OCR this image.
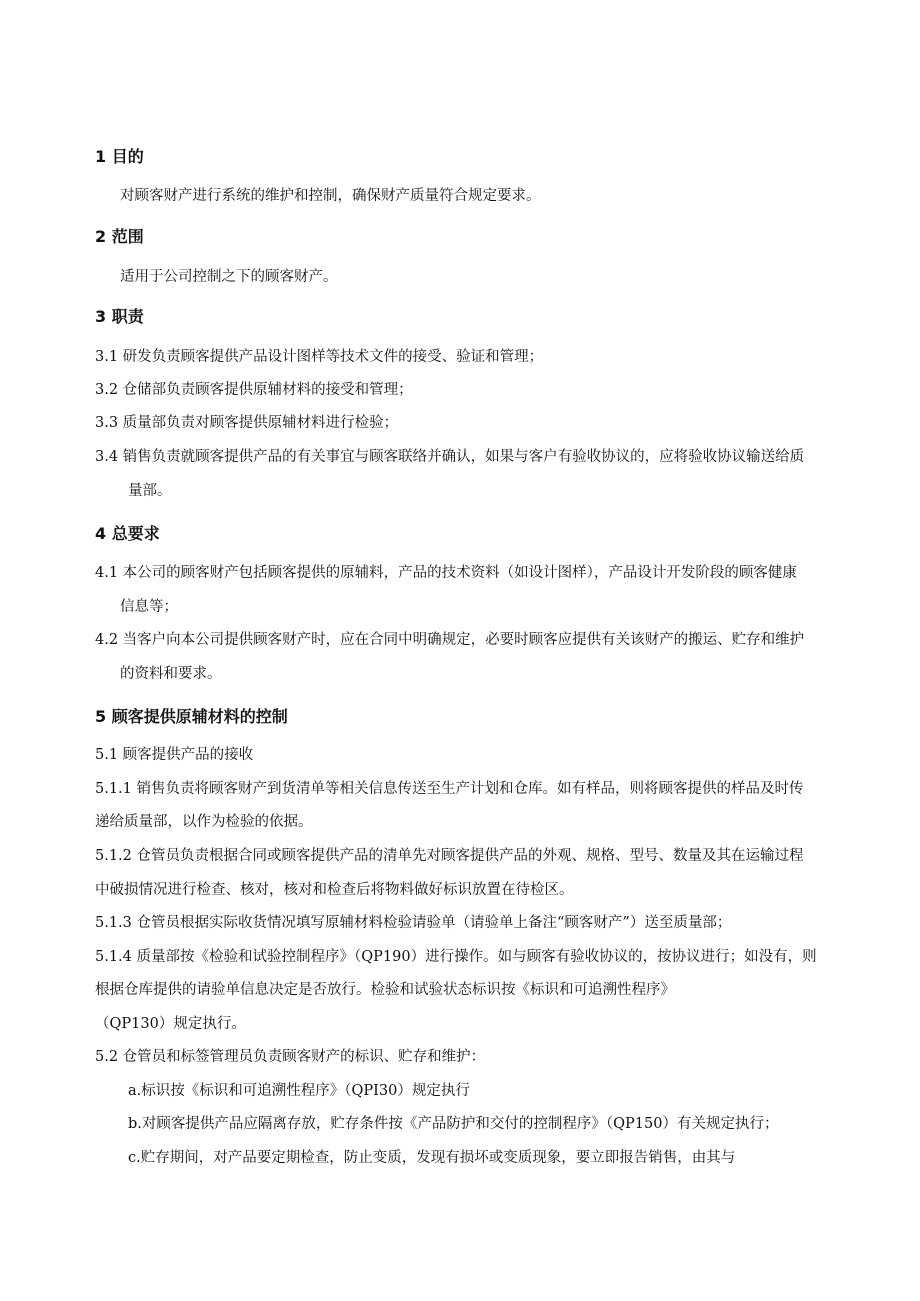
1 目的
对顾客财产进行系统的维护和控制，确保财产质量符合规定要求。
2 范围
适用于公司控制之下的顾客财产。
3 职责
3.1 研发负责顾客提供产品设计图样等技术文件的接受、验证和管理；
3.2 仓储部负责顾客提供原辅材料的接受和管理；
3.3 质量部负责对顾客提供原辅材料进行检验；
3.4 销售负责就顾客提供产品的有关事宜与顾客联络并确认，如果与客户有验收协议的，应将验收协议输送给质
量部。
4 总要求
4.1 本公司的顾客财产包括顾客提供的原辅料，产品的技术资料（如设计图样），产品设计开发阶段的顾客健康
信息等；
4.2 当客户向本公司提供顾客财产时，应在合同中明确规定，必要时顾客应提供有关该财产的搬运、贮存和维护
的资料和要求。
5 顾客提供原辅材料的控制
5.1 顾客提供产品的接收
5.1.1 销售负责将顾客财产到货清单等相关信息传送至生产计划和仓库。如有样品，则将顾客提供的样品及时传
递给质量部，以作为检验的依据。
5.1.2 仓管员负责根据合同或顾客提供产品的清单先对顾客提供产品的外观、规格、型号、数量及其在运输过程
中破损情况进行检查、核对，核对和检查后将物料做好标识放置在待检区。
5.1.3 仓管员根据实际收货情况填写原辅材料检验请验单（请验单上备注“顾客财产”）送至质量部；
5.1.4 质量部按《检验和试验控制程序》（QP190）进行操作。如与顾客有验收协议的，按协议进行；如没有，则
根据仓库提供的请验单信息决定是否放行。检验和试验状态标识按《标识和可追溯性程序》
（QP130）规定执行。
5.2 仓管员和标签管理员负责顾客财产的标识、贮存和维护：
a.标识按《标识和可追溯性程序》（QPI30）规定执行
b.对顾客提供产品应隔离存放，贮存条件按《产品防护和交付的控制程序》（QP150）有关规定执行；
c.贮存期间，对产品要定期检查，防止变质，发现有损坏或变质现象，要立即报告销售，由其与
